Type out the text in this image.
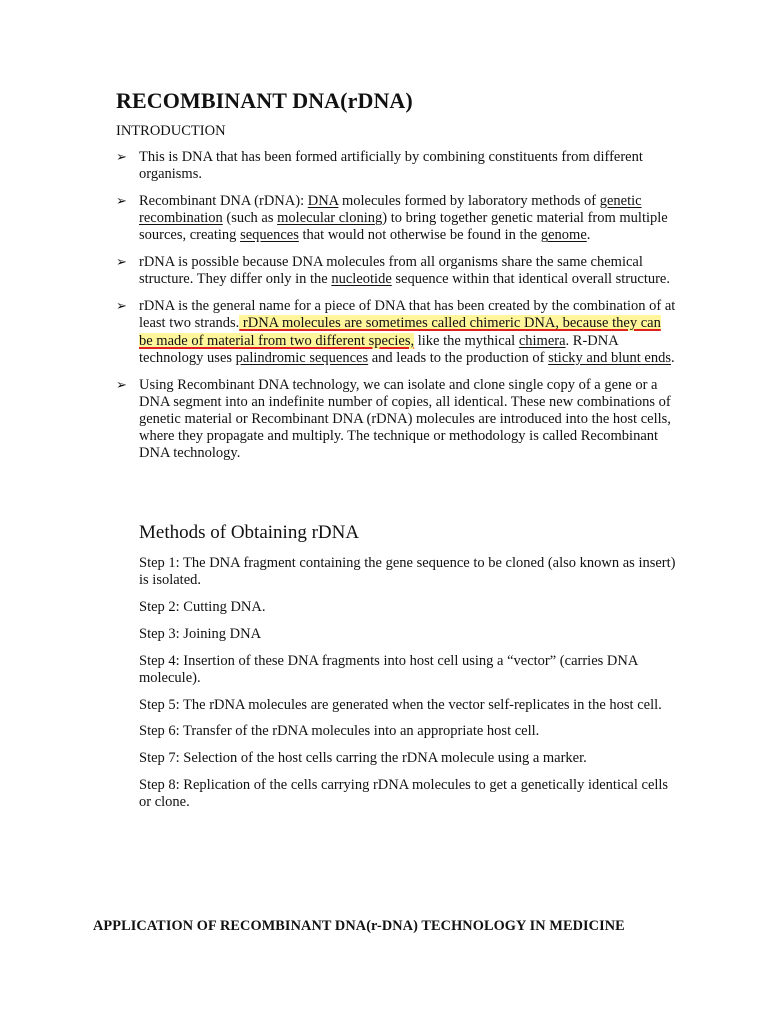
RECOMBINANT DNA(rDNA)
INTRODUCTION
➢ This is DNA that has been formed artificially by combining constituents from different organisms.
➢ Recombinant DNA (rDNA): DNA molecules formed by laboratory methods of genetic recombination (such as molecular cloning) to bring together genetic material from multiple sources, creating sequences that would not otherwise be found in the genome.
➢ rDNA is possible because DNA molecules from all organisms share the same chemical structure. They differ only in the nucleotide sequence within that identical overall structure.
➢ rDNA is the general name for a piece of DNA that has been created by the combination of at least two strands. rDNA molecules are sometimes called chimeric DNA, because they can be made of material from two different species, like the mythical chimera. R-DNA technology uses palindromic sequences and leads to the production of sticky and blunt ends.
➢ Using Recombinant DNA technology, we can isolate and clone single copy of a gene or a DNA segment into an indefinite number of copies, all identical. These new combinations of genetic material or Recombinant DNA (rDNA) molecules are introduced into the host cells, where they propagate and multiply. The technique or methodology is called Recombinant DNA technology.
Methods of Obtaining rDNA
Step 1: The DNA fragment containing the gene sequence to be cloned (also known as insert) is isolated.
Step 2: Cutting DNA.
Step 3: Joining DNA
Step 4: Insertion of these DNA fragments into host cell using a “vector” (carries DNA molecule).
Step 5: The rDNA molecules are generated when the vector self-replicates in the host cell.
Step 6: Transfer of the rDNA molecules into an appropriate host cell.
Step 7: Selection of the host cells carring the rDNA molecule using a marker.
Step 8: Replication of the cells carrying rDNA molecules to get a genetically identical cells or clone.
APPLICATION OF RECOMBINANT DNA(r-DNA) TECHNOLOGY IN MEDICINE
